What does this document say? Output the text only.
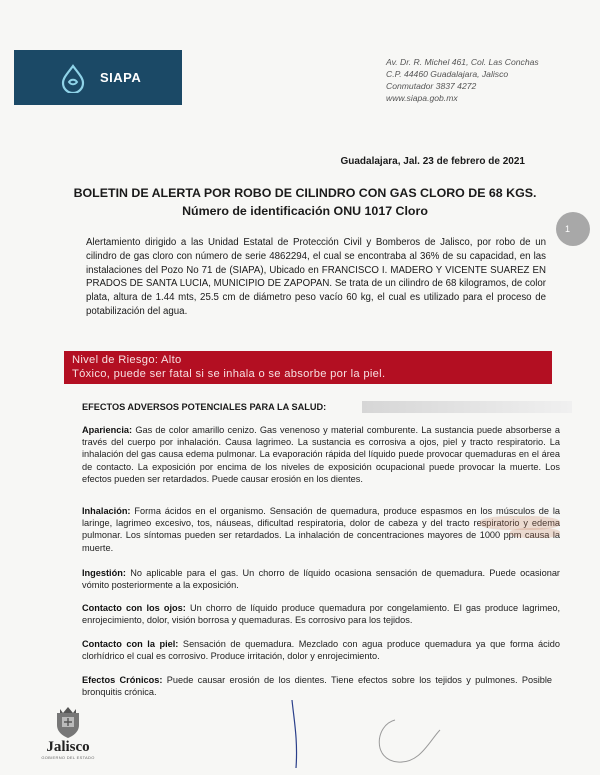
SIAPA
Av. Dr. R. Michel 461, Col. Las Conchas
C.P. 44460 Guadalajara, Jalisco
Conmutador 3837 4272
www.siapa.gob.mx
Guadalajara, Jal. 23 de febrero de 2021
BOLETIN DE ALERTA POR ROBO DE CILINDRO CON GAS CLORO DE 68 KGS.
Número de identificación ONU 1017 Cloro
1
Alertamiento dirigido a las Unidad Estatal de Protección Civil y Bomberos de Jalisco, por robo de un cilindro de gas cloro con número de serie 4862294, el cual se encontraba al 36% de su capacidad, en las instalaciones del Pozo No 71 de (SIAPA), Ubicado en FRANCISCO I. MADERO Y VICENTE SUAREZ EN PRADOS DE SANTA LUCIA, MUNICIPIO DE ZAPOPAN. Se trata de un cilindro de 68 kilogramos, de color plata, altura de 1.44 mts, 25.5 cm de diámetro peso vacío 60 kg, el cual es utilizado para el proceso de potabilización del agua.
Nivel de Riesgo: Alto
Tóxico, puede ser fatal si se inhala o se absorbe por la piel.
EFECTOS ADVERSOS POTENCIALES PARA LA SALUD:
Apariencia: Gas de color amarillo cenizo. Gas venenoso y material comburente. La sustancia puede absorberse a través del cuerpo por inhalación. Causa lagrimeo. La sustancia es corrosiva a ojos, piel y tracto respiratorio. La inhalación del gas causa edema pulmonar. La evaporación rápida del líquido puede provocar quemaduras en el área de contacto. La exposición por encima de los niveles de exposición ocupacional puede provocar la muerte. Los efectos pueden ser retardados. Puede causar erosión en los dientes.
Inhalación: Forma ácidos en el organismo. Sensación de quemadura, produce espasmos en los músculos de la laringe, lagrimeo excesivo, tos, náuseas, dificultad respiratoria, dolor de cabeza y del tracto respiratorio y edema pulmonar. Los síntomas pueden ser retardados. La inhalación de concentraciones mayores de 1000 ppm causa la muerte.
Ingestión: No aplicable para el gas. Un chorro de líquido ocasiona sensación de quemadura. Puede ocasionar vómito posteriormente a la exposición.
Contacto con los ojos: Un chorro de líquido produce quemadura por congelamiento. El gas produce lagrimeo, enrojecimiento, dolor, visión borrosa y quemaduras. Es corrosivo para los tejidos.
Contacto con la piel: Sensación de quemadura. Mezclado con agua produce quemadura ya que forma ácido clorhídrico el cual es corrosivo. Produce irritación, dolor y enrojecimiento.
Efectos Crónicos: Puede causar erosión de los dientes. Tiene efectos sobre los tejidos y pulmones. Posible bronquitis crónica.
Jalisco
GOBIERNO DEL ESTADO
